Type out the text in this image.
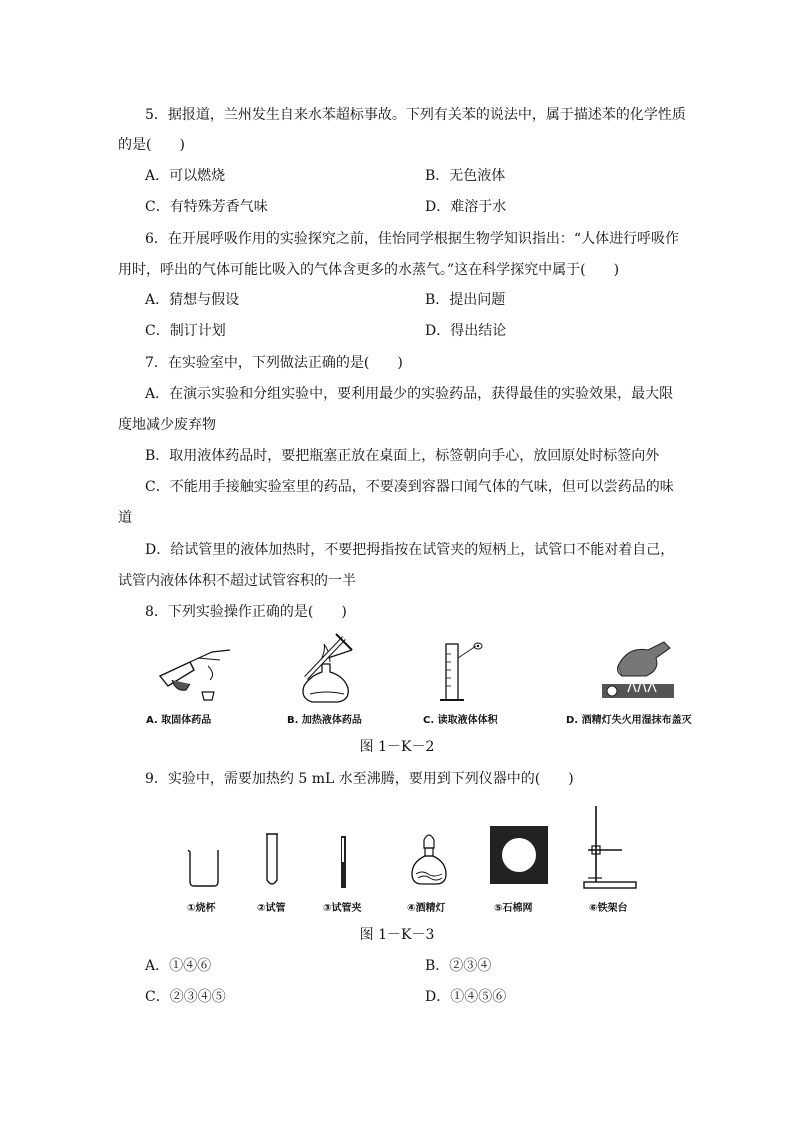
5．据报道，兰州发生自来水苯超标事故。下列有关苯的说法中，属于描述苯的化学性质
的是(　　)
A．可以燃烧	B．无色液体
C．有特殊芳香气味	D．难溶于水
6．在开展呼吸作用的实验探究之前，佳怡同学根据生物学知识指出：“人体进行呼吸作
用时，呼出的气体可能比吸入的气体含更多的水蒸气。”这在科学探究中属于(　　)
A．猜想与假设	B．提出问题
C．制订计划	D．得出结论
7．在实验室中，下列做法正确的是(　　)
A．在演示实验和分组实验中，要利用最少的实验药品，获得最佳的实验效果，最大限
度地减少废弃物
B．取用液体药品时，要把瓶塞正放在桌面上，标签朝向手心，放回原处时标签向外
C．不能用手接触实验室里的药品，不要凑到容器口闻气体的气味，但可以尝药品的味
道
D．给试管里的液体加热时，不要把拇指按在试管夹的短柄上，试管口不能对着自己，
试管内液体体积不超过试管容积的一半
8．下列实验操作正确的是(　　)
A. 取固体药品	B. 加热液体药品	C. 读取液体体积	D. 酒精灯失火用湿抹布盖灭
图 1－K－2
9．实验中，需要加热约 5 mL 水至沸腾，要用到下列仪器中的(　　)
①烧杯	②试管	③试管夹	④酒精灯	⑤石棉网	⑥铁架台
图 1－K－3
A．①④⑥	B．②③④
C．②③④⑤	D．①④⑤⑥
